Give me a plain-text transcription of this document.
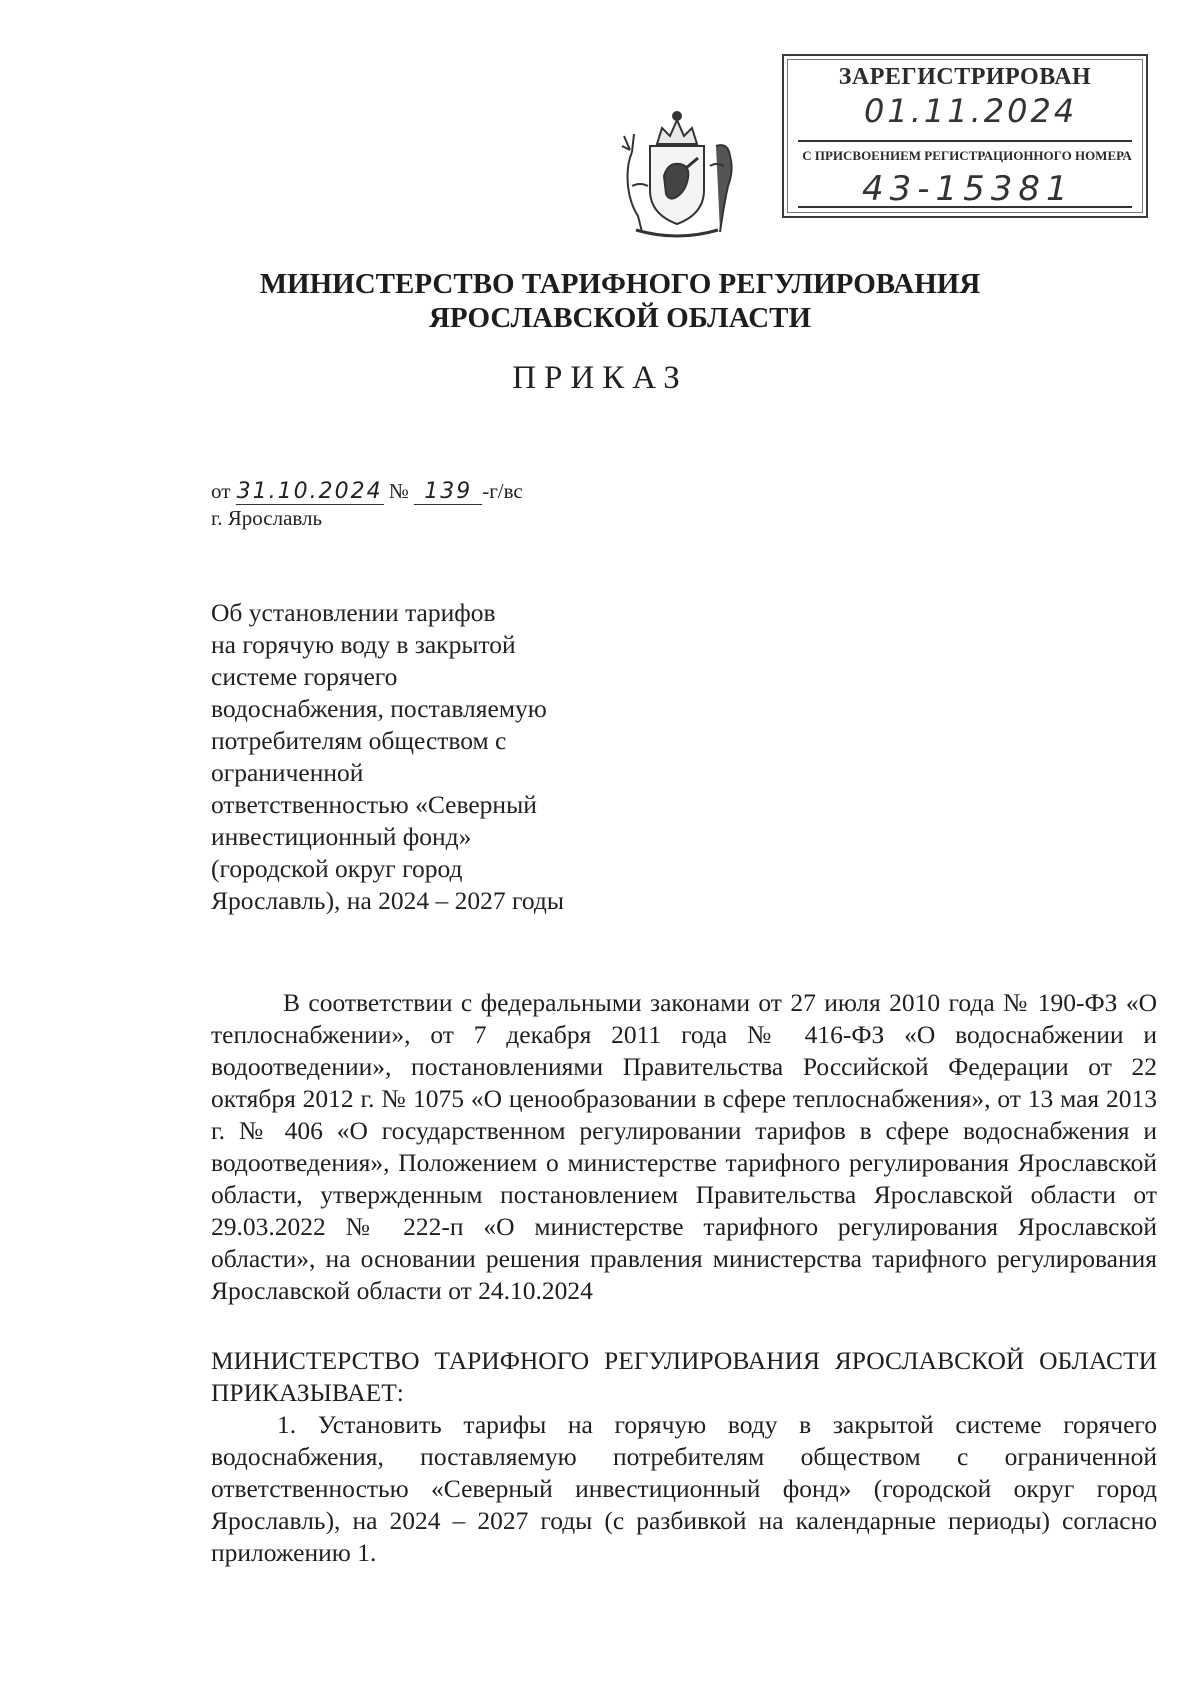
ЗАРЕГИСТРИРОВАН
01.11.2024
С ПРИСВОЕНИЕМ РЕГИСТРАЦИОННОГО НОМЕРА
43-15381
МИНИСТЕРСТВО ТАРИФНОГО РЕГУЛИРОВАНИЯ
ЯРОСЛАВСКОЙ ОБЛАСТИ
ПРИКАЗ
от 31.10.2024 № 139 -г/вс
г. Ярославль
Об установлении тарифов
на горячую воду в закрытой
системе горячего
водоснабжения, поставляемую
потребителям обществом с
ограниченной
ответственностью «Северный
инвестиционный фонд»
(городской округ город
Ярославль), на 2024 – 2027 годы
В соответствии с федеральными законами от 27 июля 2010 года № 190-ФЗ «О теплоснабжении», от 7 декабря 2011 года № 416-ФЗ «О водоснабжении и водоотведении», постановлениями Правительства Российской Федерации от 22 октября 2012 г. № 1075 «О ценообразовании в сфере теплоснабжения», от 13 мая 2013 г. № 406 «О государственном регулировании тарифов в сфере водоснабжения и водоотведения», Положением о министерстве тарифного регулирования Ярославской области, утвержденным постановлением Правительства Ярославской области от 29.03.2022 № 222-п «О министерстве тарифного регулирования Ярославской области», на основании решения правления министерства тарифного регулирования Ярославской области от 24.10.2024
МИНИСТЕРСТВО ТАРИФНОГО РЕГУЛИРОВАНИЯ ЯРОСЛАВСКОЙ ОБЛАСТИ ПРИКАЗЫВАЕТ:
1. Установить тарифы на горячую воду в закрытой системе горячего водоснабжения, поставляемую потребителям обществом с ограниченной ответственностью «Северный инвестиционный фонд» (городской округ город Ярославль), на 2024 – 2027 годы (с разбивкой на календарные периоды) согласно приложению 1.
